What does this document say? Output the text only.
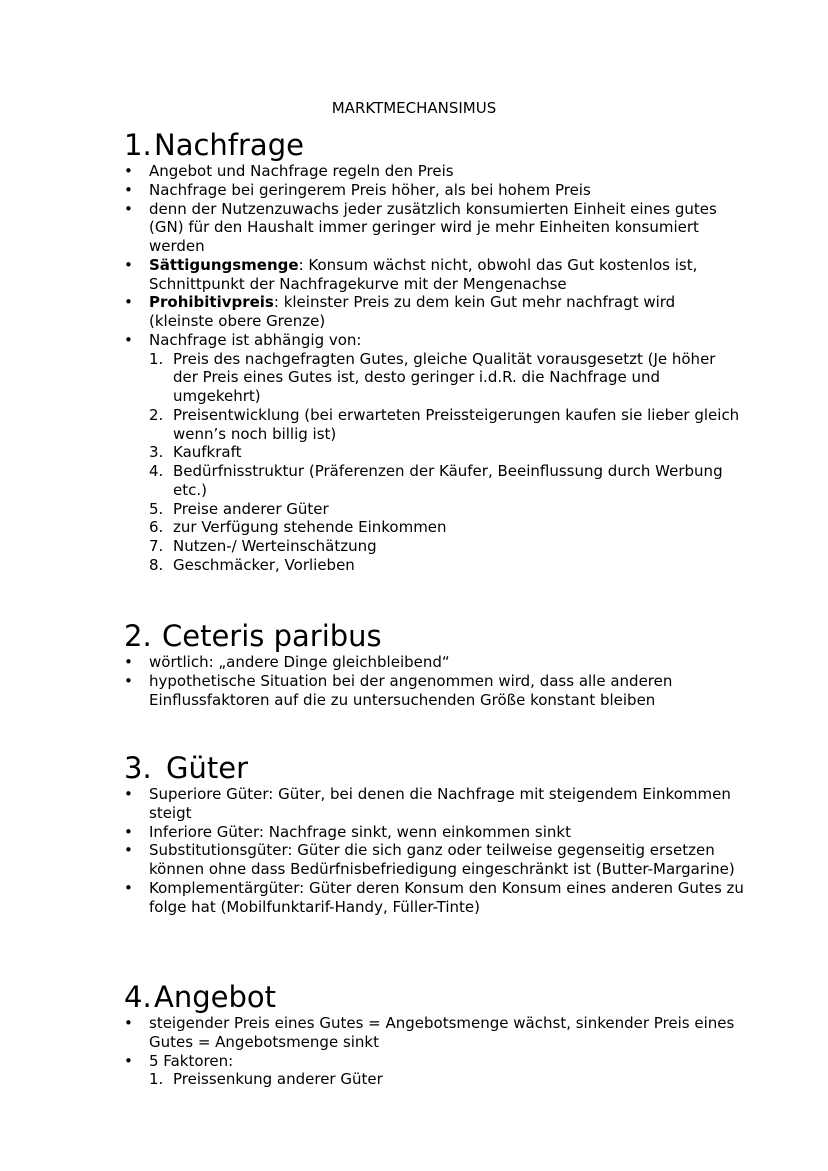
MARKTMECHANSIMUS
1.Nachfrage
• Angebot und Nachfrage regeln den Preis
• Nachfrage bei geringerem Preis höher, als bei hohem Preis
• denn der Nutzenzuwachs jeder zusätzlich konsumierten Einheit eines gutes (GN) für den Haushalt immer geringer wird je mehr Einheiten konsumiert werden
• Sättigungsmenge: Konsum wächst nicht, obwohl das Gut kostenlos ist, Schnittpunkt der Nachfragekurve mit der Mengenachse
• Prohibitivpreis: kleinster Preis zu dem kein Gut mehr nachfragt wird (kleinste obere Grenze)
• Nachfrage ist abhängig von:
1. Preis des nachgefragten Gutes, gleiche Qualität vorausgesetzt (Je höher der Preis eines Gutes ist, desto geringer i.d.R. die Nachfrage und umgekehrt)
2. Preisentwicklung (bei erwarteten Preissteigerungen kaufen sie lieber gleich wenn’s noch billig ist)
3. Kaufkraft
4. Bedürfnisstruktur (Präferenzen der Käufer, Beeinflussung durch Werbung etc.)
5. Preise anderer Güter
6. zur Verfügung stehende Einkommen
7. Nutzen-/ Werteinschätzung
8. Geschmäcker, Vorlieben
2. Ceteris paribus
• wörtlich: „andere Dinge gleichbleibend“
• hypothetische Situation bei der angenommen wird, dass alle anderen Einflussfaktoren auf die zu untersuchenden Größe konstant bleiben
3. Güter
• Superiore Güter: Güter, bei denen die Nachfrage mit steigendem Einkommen steigt
• Inferiore Güter: Nachfrage sinkt, wenn einkommen sinkt
• Substitutionsgüter: Güter die sich ganz oder teilweise gegenseitig ersetzen können ohne dass Bedürfnisbefriedigung eingeschränkt ist (Butter-Margarine)
• Komplementärgüter: Güter deren Konsum den Konsum eines anderen Gutes zu folge hat (Mobilfunktarif-Handy, Füller-Tinte)
4.Angebot
• steigender Preis eines Gutes = Angebotsmenge wächst, sinkender Preis eines Gutes = Angebotsmenge sinkt
• 5 Faktoren:
1. Preissenkung anderer Güter
